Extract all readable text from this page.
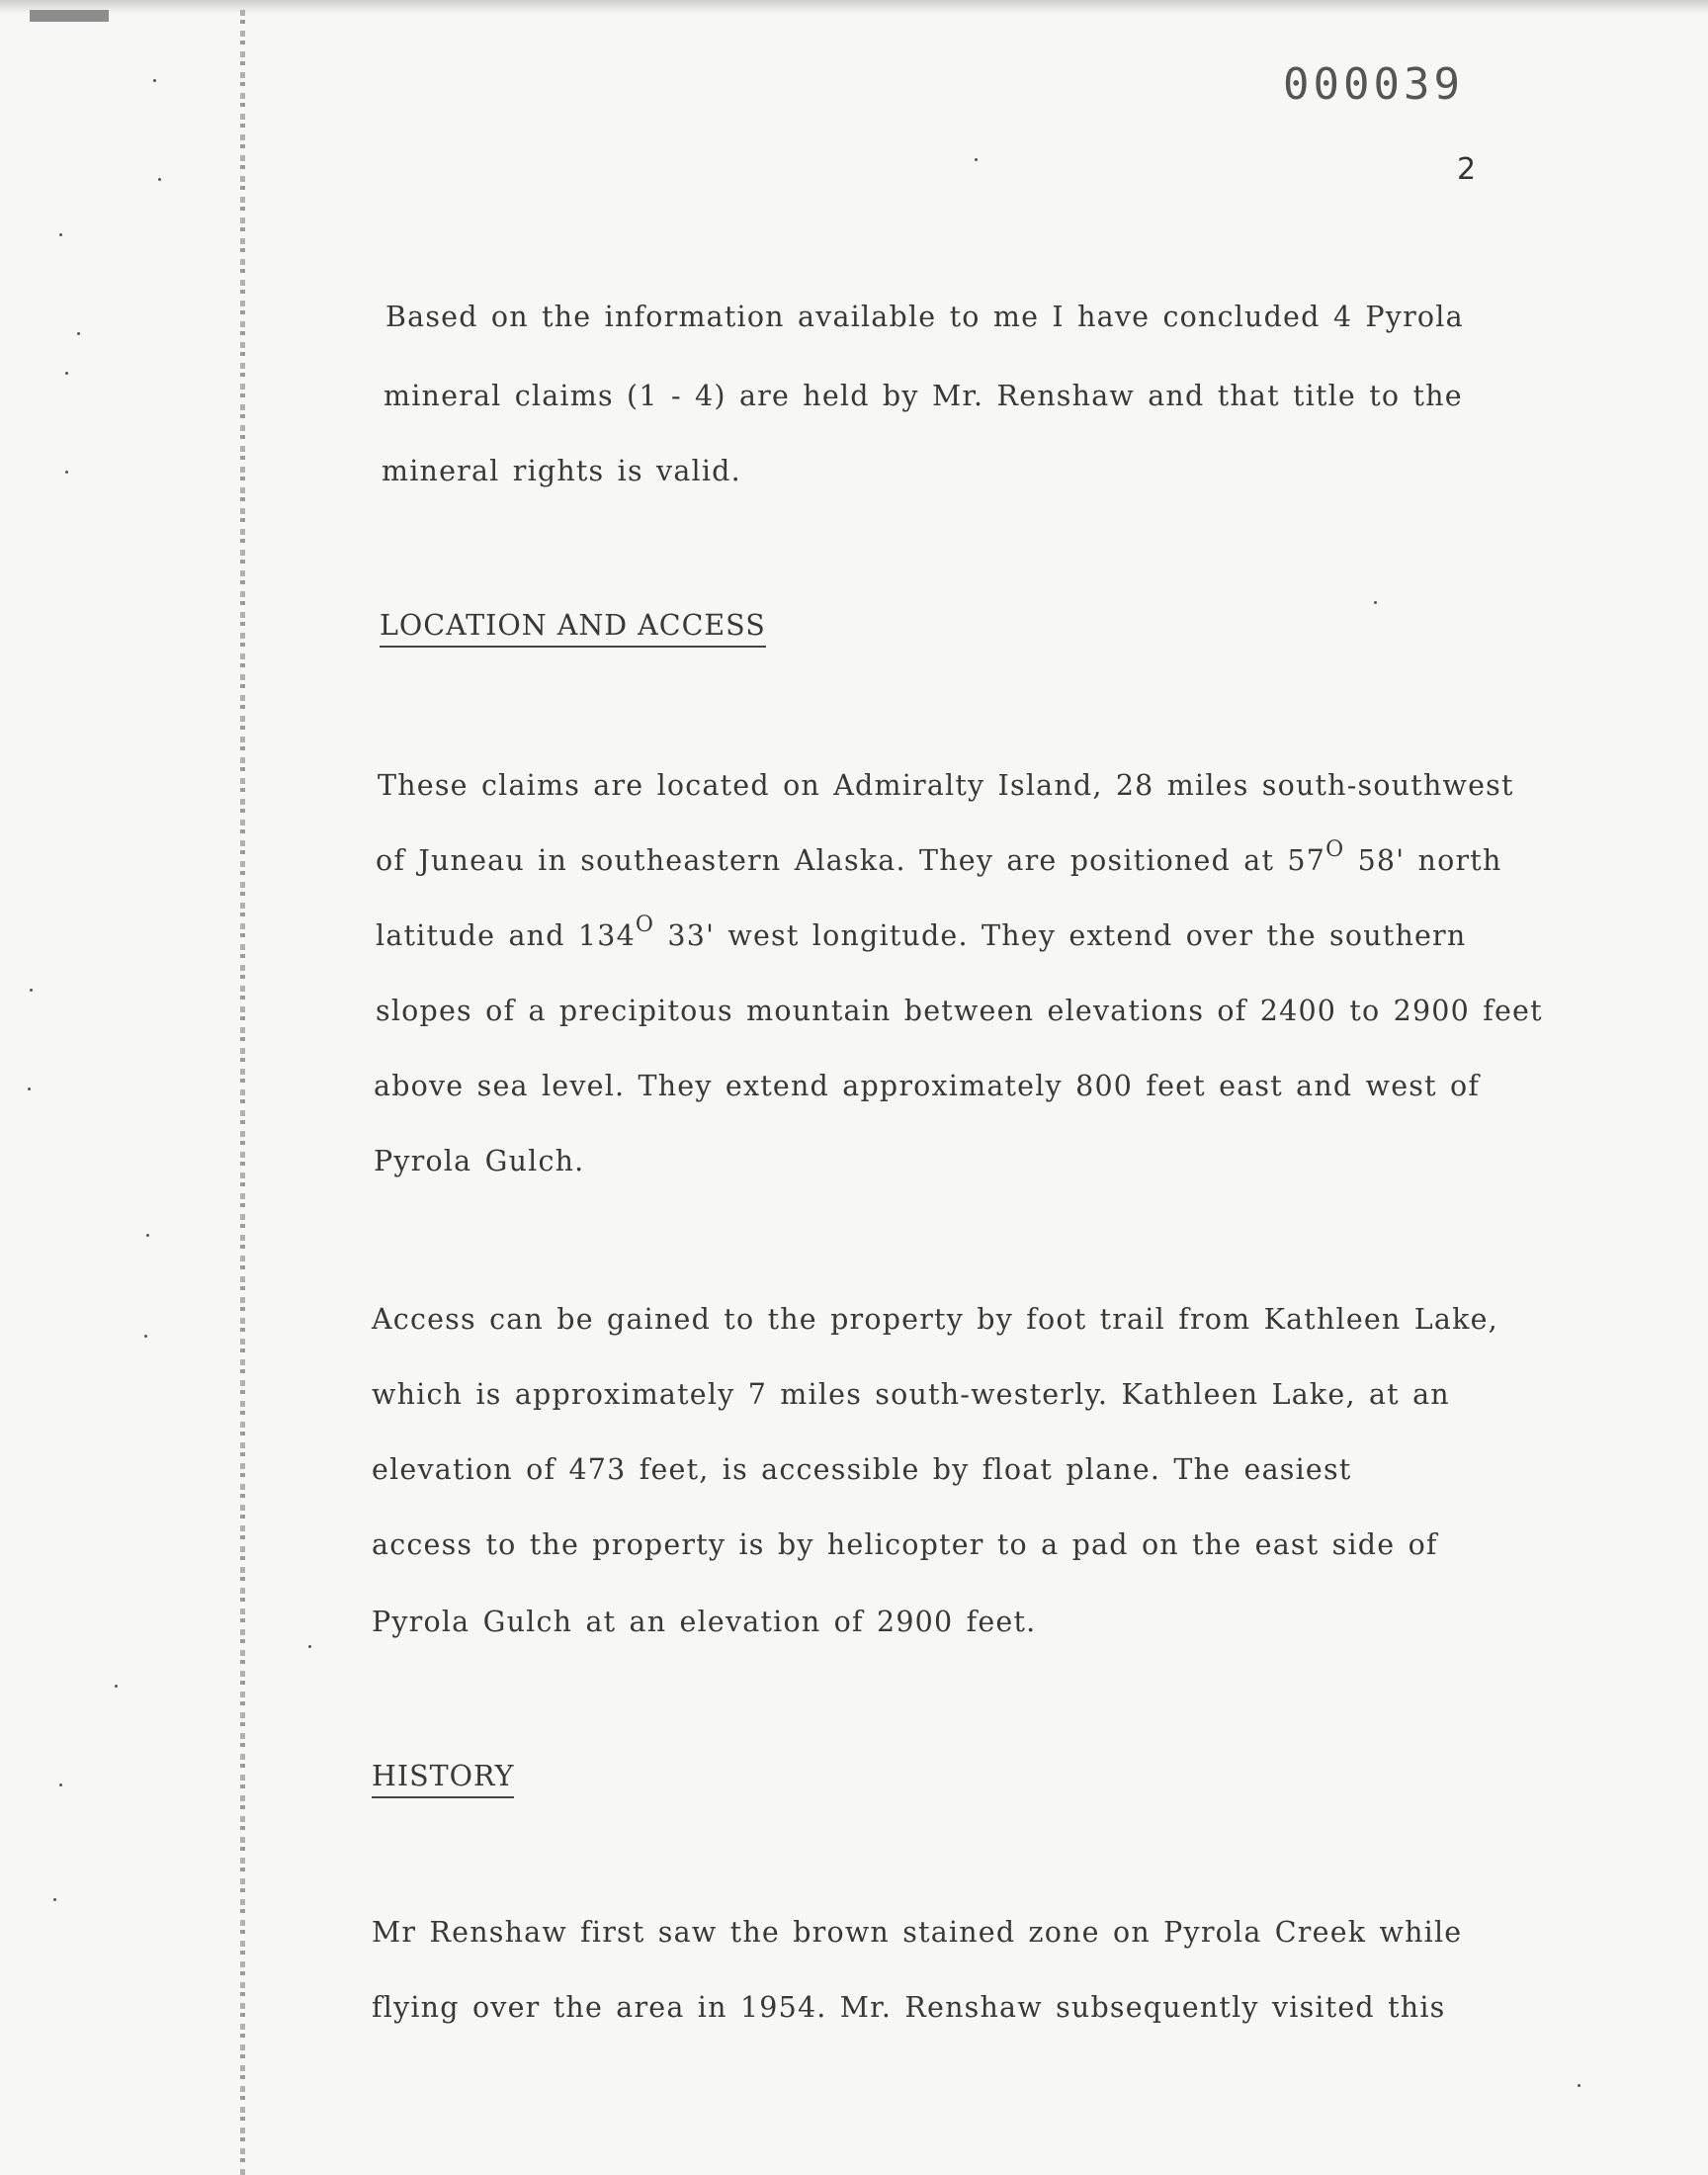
000039
2
Based on the information available to me I have concluded 4 Pyrola
mineral claims (1 - 4) are held by Mr. Renshaw and that title to the
mineral rights is valid.
LOCATION AND ACCESS
These claims are located on Admiralty Island, 28 miles south-southwest
of Juneau in southeastern Alaska. They are positioned at $57^O$ 58' north
latitude and $134^O$ 33' west longitude. They extend over the southern
slopes of a precipitous mountain between elevations of 2400 to 2900 feet
above sea level. They extend approximately 800 feet east and west of
Pyrola Gulch.
Access can be gained to the property by foot trail from Kathleen Lake,
which is approximately 7 miles south-westerly. Kathleen Lake, at an
elevation of 473 feet, is accessible by float plane. The easiest
access to the property is by helicopter to a pad on the east side of
Pyrola Gulch at an elevation of 2900 feet.
HISTORY
Mr Renshaw first saw the brown stained zone on Pyrola Creek while
flying over the area in 1954. Mr. Renshaw subsequently visited this
